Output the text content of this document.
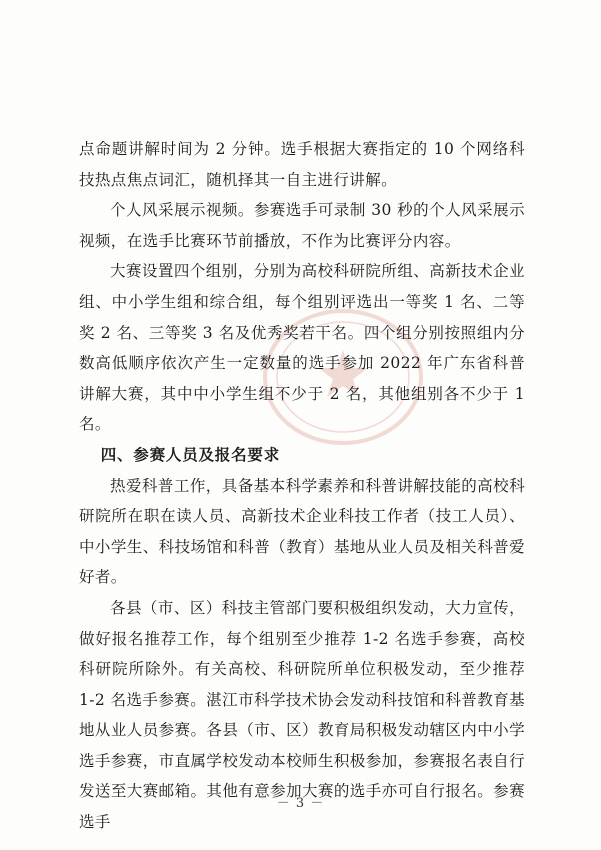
点命题讲解时间为 2 分钟。选手根据大赛指定的 10 个网络科技热点焦点词汇，随机择其一自主进行讲解。

个人风采展示视频。参赛选手可录制 30 秒的个人风采展示视频，在选手比赛环节前播放，不作为比赛评分内容。

大赛设置四个组别，分别为高校科研院所组、高新技术企业组、中小学生组和综合组，每个组别评选出一等奖 1 名、二等奖 2 名、三等奖 3 名及优秀奖若干名。四个组分别按照组内分数高低顺序依次产生一定数量的选手参加 2022 年广东省科普讲解大赛，其中中小学生组不少于 2 名，其他组别各不少于 1 名。

四、参赛人员及报名要求

热爱科普工作，具备基本科学素养和科普讲解技能的高校科研院所在职在读人员、高新技术企业科技工作者（技工人员）、中小学生、科技场馆和科普（教育）基地从业人员及相关科普爱好者。

各县（市、区）科技主管部门要积极组织发动，大力宣传，做好报名推荐工作，每个组别至少推荐 1-2 名选手参赛，高校科研院所除外。有关高校、科研院所单位积极发动，至少推荐 1-2 名选手参赛。湛江市科学技术协会发动科技馆和科普教育基地从业人员参赛。各县（市、区）教育局积极发动辖区内中小学选手参赛，市直属学校发动本校师生积极参加，参赛报名表自行发送至大赛邮箱。其他有意参加大赛的选手亦可自行报名。参赛选手

－ 3 －
